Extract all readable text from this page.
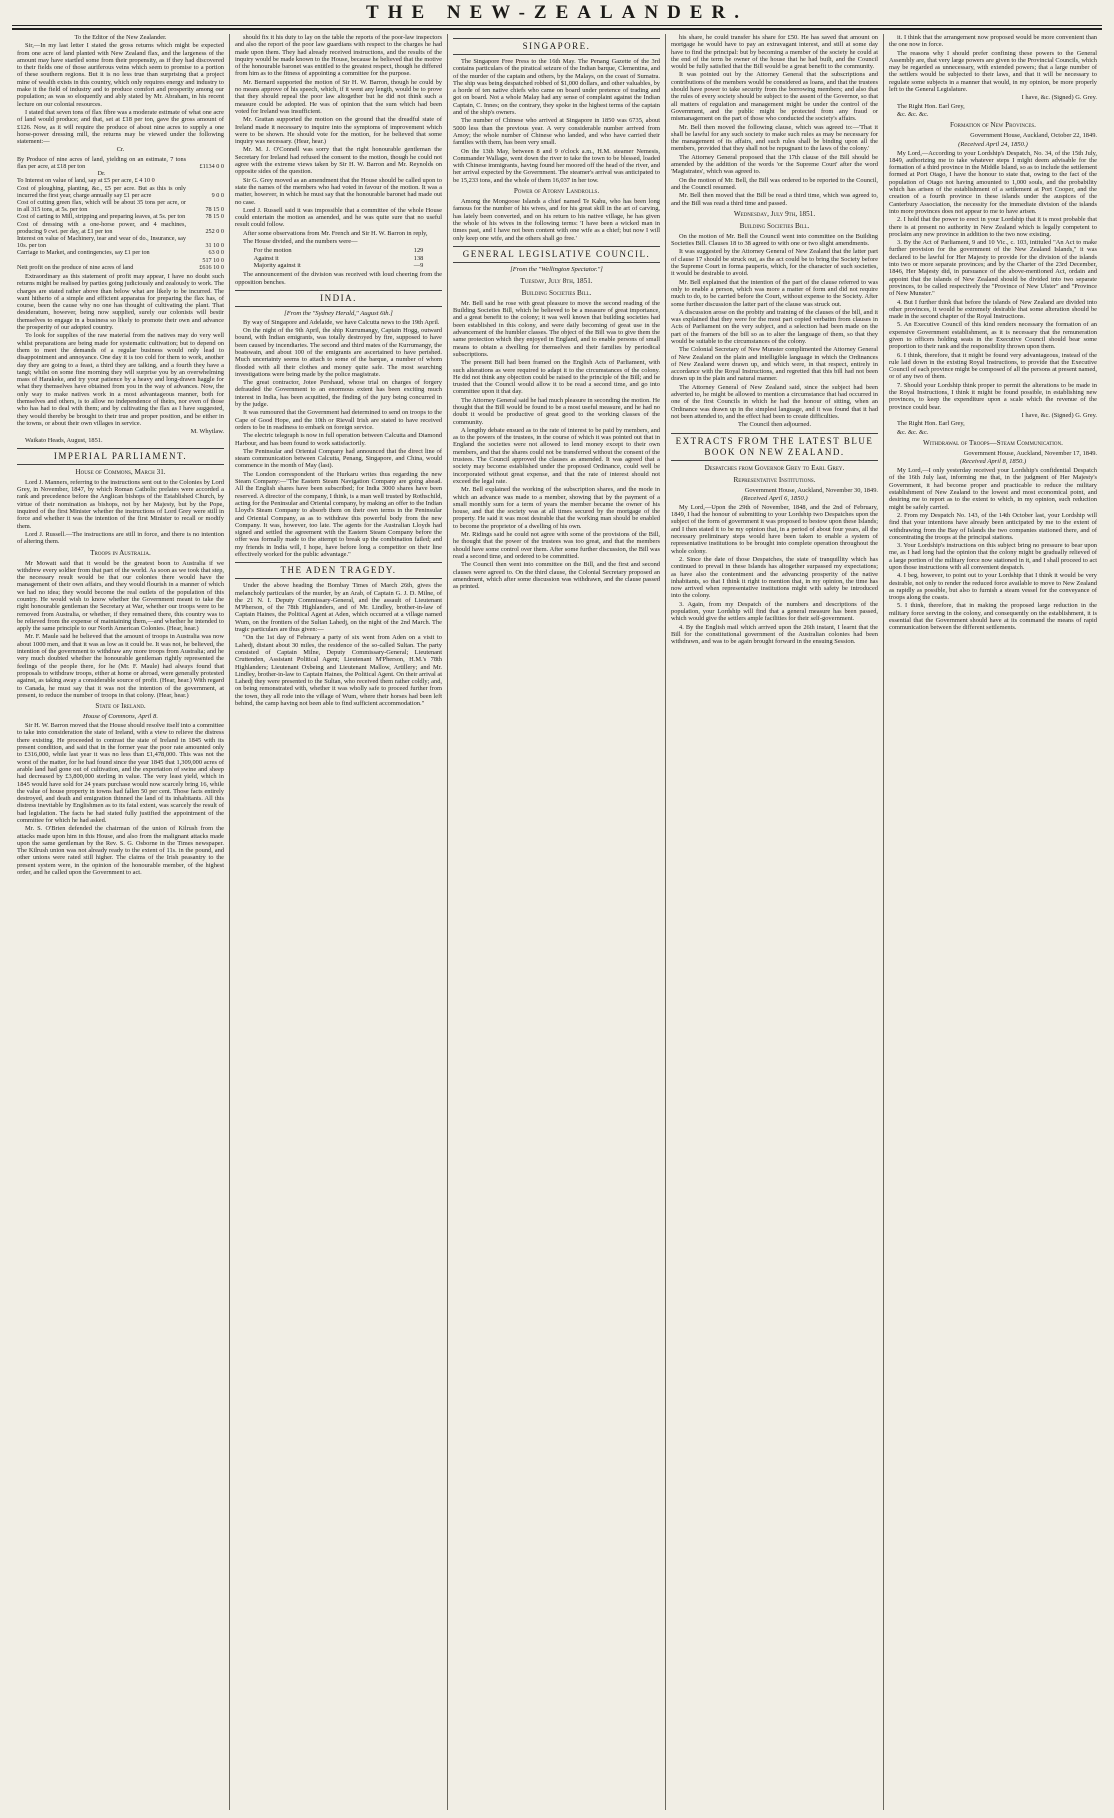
THE NEW-ZEALANDER.

To the Editor of the New Zealander.

Sir,—In my last letter I stated the gross returns which might be expected from one acre of land planted with New Zealand flax, and the largeness of the amount may have startled some from their propensity, as if they had discovered to their fields one of those auriferous veins which seem to promise to a portion of these southern regions. But it is no less true than surprising that a project mine of wealth exists in this country, which only requires energy and industry to make it the field of industry and to produce comfort and prosperity among our population; as was so eloquently and ably stated by Mr. Abraham, in his recent lecture on our colonial resources.

I stated that seven tons of flax fibre was a moderate estimate of what one acre of land would produce; and that, set at £18 per ton, gave the gross amount of £126. Now, as it will require the produce of about nine acres to supply a one horse-power dressing mill, the returns may be viewed under the following statement:—

Cr.

By Produce of nine acres of land, yielding on an estimate, 7 tons flax per acre, at £18 per ton	£1134 0 0
Dr.	
To Interest on value of land, say at £5 per acre, £ 4 10 0	
Cost of ploughing, planting, &c., £5 per acre. But as this is only incurred the first year, charge annually say £1 per acre	9 0 0
Cost of cutting green flax, which will be about 35 tons per acre, or in all 315 tons, at 5s. per ton	78 15 0
Cost of carting to Mill, stripping and preparing leaves, at 5s. per ton	78 15 0
Cost of dressing with a one-horse power, and 4 machines, producing 9 cwt. per day, at £1 per ton	252 0 0
Interest on value of Machinery, tear and wear of do., Insurance, say 10s. per ton	31 10 0
Carriage to Market, and contingencies, say £1 per ton	63 0 0
	517 10 0
Nett profit on the produce of nine acres of land	£616 10 0

Extraordinary as this statement of profit may appear, I have no doubt such returns might be realised by parties going judiciously and zealously to work. The charges are stated rather above than below what are likely to be incurred. The want hitherto of a simple and efficient apparatus for preparing the flax has, of course, been the cause why no one has thought of cultivating the plant. That desideratum, however, being now supplied, surely our colonists will bestir themselves to engage in a business so likely to promote their own and advance the prosperity of our adopted country.

To look for supplies of the raw material from the natives may do very well whilst preparations are being made for systematic cultivation; but to depend on them to meet the demands of a regular business would only lead to disappointment and annoyance. One day it is too cold for them to work, another day they are going to a feast, a third they are talking, and a fourth they have a tangi; whilst on some fine morning they will surprise you by an overwhelming mass of Harakeke, and try your patience by a heavy and long-drawn haggle for what they themselves have obtained from you in the way of advances. Now, the only way to make natives work in a most advantageous manner, both for themselves and others, is to allow no independence of theirs, nor even of those who has had to deal with them; and by cultivating the flax as I have suggested, they would thereby be brought to their true and proper position, and be either in the towns, or about their own villages in service.

M. Whytlaw.

Waikato Heads, August, 1851.

IMPERIAL PARLIAMENT.
House of Commons, March 31.

Lord J. Manners, referring to the instructions sent out to the Colonies by Lord Grey, in November, 1847, by which Roman Catholic prelates were accorded a rank and precedence before the Anglican bishops of the Established Church, by virtue of their nomination as bishops, not by her Majesty, but by the Pope, inquired of the first Minister whether the instructions of Lord Grey were still in force and whether it was the intention of the first Minister to recall or modify them.

Lord J. Russell.—The instructions are still in force, and there is no intention of altering them.

Troops in Australia.

Mr Mowatt said that it would be the greatest boon to Australia if we withdrew every soldier from that part of the world. As soon as we took that step, the necessary result would be that our colonies there would have the management of their own affairs, and they would flourish in a manner of which we had no idea; they would become the real outlets of the population of this country. He would wish to know whether the Government meant to take the right honourable gentleman the Secretary at War, whether our troops were to be removed from Australia, or whether, if they remained there, this country was to be relieved from the expense of maintaining them,—and whether he intended to apply the same principle to our North American Colonies. (Hear, hear.)

Mr. F. Maule said he believed that the amount of troops in Australia was now about 1000 men, and that it was as low as it could be. It was not, he believed, the intention of the government to withdraw any more troops from Australia; and he very much doubted whether the honourable gentleman rightly represented the feelings of the people there, for he (Mr. F. Maule) had always found that proposals to withdraw troops, either at home or abroad, were generally protested against, as taking away a considerable source of profit. (Hear, hear.) With regard to Canada, he must say that it was not the intention of the government, at present, to reduce the number of troops in that colony. (Hear, hear.)

State of Ireland.
House of Commons, April 8.

Sir H. W. Barron moved that the House should resolve itself into a committee to take into consideration the state of Ireland, with a view to relieve the distress there existing. He proceeded to contrast the state of Ireland in 1845 with its present condition, and said that in the former year the poor rate amounted only to £316,000, while last year it was no less than £1,478,000. This was not the worst of the matter, for he had found since the year 1845 that 1,309,000 acres of arable land had gone out of cultivation, and the exportation of swine and sheep had decreased by £3,800,000 sterling in value. The very least yield, which in 1845 would have sold for 24 years purchase would now scarcely bring 16, while the value of house property in towns had fallen 50 per cent. Those facts entirely destroyed, and death and emigration thinned the land of its inhabitants. All this distress inevitable by Englishmen as to its fatal extent, was scarcely the result of bad legislation. The facts he had stated fully justified the appointment of the committee for which he had asked.

Mr. S. O'Brien defended the chairman of the union of Kilrush from the attacks made upon him in this House, and also from the malignant attacks made upon the same gentleman by the Rev. S. G. Osborne in the Times newspaper. The Kilrush union was not already ready to the extent of 11s. in the pound, and other unions were rated still higher. The claims of the Irish peasantry to the present system were, in the opinion of the honourable member, of the highest order, and he called upon the Government to act.

should fix it his duty to lay on the table the reports of the poor-law inspectors and also the report of the poor law guardians with respect to the charges he had made upon them. They had already received instructions, and the results of the inquiry would be made known to the House, because he believed that the motive of the honourable baronet was entitled to the greatest respect, though he differed from him as to the fitness of appointing a committee for the purpose.

Mr. Bernard supported the motion of Sir H. W. Barron, though he could by no means approve of his speech, which, if it went any length, would be to prove that they should repeal the poor law altogether but he did not think such a measure could be adopted. He was of opinion that the sum which had been voted for Ireland was insufficient.

Mr. Grattan supported the motion on the ground that the dreadful state of Ireland made it necessary to inquire into the symptoms of improvement which were to be shown. He should vote for the motion, for he believed that some inquiry was necessary. (Hear, hear.)

Mr. M. J. O'Connell was sorry that the right honourable gentleman the Secretary for Ireland had refused the consent to the motion, though he could not agree with the extreme views taken by Sir H. W. Barron and Mr. Reynolds on opposite sides of the question.

Sir G. Grey moved as an amendment that the House should be called upon to state the names of the members who had voted in favour of the motion. It was a matter, however, in which he must say that the honourable baronet had made out no case.

Lord J. Russell said it was impossible that a committee of the whole House could entertain the motion as amended, and he was quite sure that no useful result could follow.

After some observations from Mr. French and Sir H. W. Barron in reply,

The House divided, and the numbers were—

For the motion	129
Against it	138
Majority against it	—9

The announcement of the division was received with loud cheering from the opposition benches.

INDIA.
[From the "Sydney Herald," August 6th.]

By way of Singapore and Adelaide, we have Calcutta news to the 19th April.

On the night of the 9th April, the ship Kurrumangy, Captain Hogg, outward bound, with Indian emigrants, was totally destroyed by fire, supposed to have been caused by incendiaries. The second and third mates of the Kurrumangy, the boatswain, and about 100 of the emigrants are ascertained to have perished. Much uncertainty seems to attach to some of the barque, a number of whom flooded with all their clothes and money quite safe. The most searching investigations were being made by the police magistrate.

The great contractor, Jotee Pershaud, whose trial on charges of forgery defrauded the Government to an enormous extent has been exciting much interest in India, has been acquitted, the finding of the jury being concurred in by the judge.

It was rumoured that the Government had determined to send on troops to the Cape of Good Hope, and the 10th or Rievall Irish are stated to have received orders to be in readiness to embark on foreign service.

The electric telegraph is now in full operation between Calcutta and Diamond Harbour, and has been found to work satisfactorily.

The Peninsular and Oriental Company had announced that the direct line of steam communication between Calcutta, Penang, Singapore, and China, would commence in the month of May (last).

The London correspondent of the Hurkaru writes thus regarding the new Steam Company:—"The Eastern Steam Navigation Company are going ahead. All the English shares have been subscribed; for India 3000 shares have been reserved. A director of the company, I think, is a man well trusted by Rothschild, acting for the Peninsular and Oriental company, by making an offer to the Indian Lloyd's Steam Company to absorb them on their own terms in the Peninsular and Oriental Company, as as to withdraw this powerful body from the new Company. It was, however, too late. The agents for the Australian Lloyds had signed and settled the agreement with the Eastern Steam Company before the offer was formally made to the attempt to break up the combination failed; and my friends in India will, I hope, have before long a competitor on their line effectively worked for the public advantage."

THE ADEN TRAGEDY.

Under the above heading the Bombay Times of March 26th, gives the melancholy particulars of the murder, by an Arab, of Captain G. J. D. Milne, of the 21 N. I. Deputy Commissary-General, and the assault of Lieutenant M'Pherson, of the 78th Highlanders, and of Mr. Lindley, brother-in-law of Captain Haines, the Political Agent at Aden, which occurred at a village named Wum, on the frontiers of the Sultan Lahedj, on the night of the 2nd March. The tragic particulars are thus given:—

"On the 1st day of February a party of six went from Aden on a visit to Lahedj, distant about 30 miles, the residence of the so-called Sultan. The party consisted of Captain Milne, Deputy Commissary-General; Lieutenant Cruttenden, Assistant Political Agent; Lieutenant M'Pherson, H.M.'s 78th Highlanders; Lieutenant Oxbeing and Lieutenant Mallow, Artillery; and Mr. Lindley, brother-in-law to Captain Haines, the Political Agent. On their arrival at Lahedj they were presented to the Sultan, who received them rather coldly; and, on being remonstrated with, whether it was wholly safe to proceed further from the town, they all rode into the village of Wum, where their horses had been left behind, the camp having not been able to find sufficient accommodation."

SINGAPORE.

The Singapore Free Press to the 16th May. The Penang Gazette of the 3rd contains particulars of the piratical seizure of the Indian barque, Clementina, and of the murder of the captain and others, by the Malays, on the coast of Sumatra. The ship was being despatched robbed of $1,000 dollars, and other valuables, by a horde of ten native chiefs who came on board under pretence of trading and got on board. Not a whole Malay had any sense of complaint against the Indian Captain, C. Innes; on the contrary, they spoke in the highest terms of the captain and of the ship's owners.

The number of Chinese who arrived at Singapore in 1850 was 6735, about 5000 less than the previous year. A very considerable number arrived from Amoy; the whole number of Chinese who landed, and who have carried their families with them, has been very small.

On the 13th May, between 8 and 9 o'clock a.m., H.M. steamer Nemesis, Commander Wallage, went down the river to take the town to be blessed, loaded with Chinese immigrants, having found her moored off the head of the river, and her arrival expected by the Government. The steamer's arrival was anticipated to be 15,233 tons, and the whole of them 16,037 in her tow.

Power of Atorny Landrolls.

Among the Mongoose Islands a chief named Te Kahu, who has been long famous for the number of his wives, and for his great skill in the art of carving, has lately been converted, and on his return to his native village, he has given the whole of his wives in the following terms: 'I have been a wicked man in times past, and I have not been content with one wife as a chief; but now I will only keep one wife, and the others shall go free.'

GENERAL LEGISLATIVE COUNCIL.
[From the "Wellington Spectator."]
Tuesday, July 8th, 1851.
Building Societies Bill.

Mr. Bell said he rose with great pleasure to move the second reading of the Building Societies Bill, which he believed to be a measure of great importance, and a great benefit to the colony; it was well known that building societies had been established in this colony, and were daily becoming of great use in the advancement of the humbler classes. The object of the Bill was to give them the same protection which they enjoyed in England, and to enable persons of small means to obtain a dwelling for themselves and their families by periodical subscriptions.

The present Bill had been framed on the English Acts of Parliament, with such alterations as were required to adapt it to the circumstances of the colony. He did not think any objection could be raised to the principle of the Bill; and he trusted that the Council would allow it to be read a second time, and go into committee upon it that day.

The Attorney General said he had much pleasure in seconding the motion. He thought that the Bill would be found to be a most useful measure, and he had no doubt it would be productive of great good to the working classes of the community.

A lengthy debate ensued as to the rate of interest to be paid by members, and as to the powers of the trustees, in the course of which it was pointed out that in England the societies were not allowed to lend money except to their own members, and that the shares could not be transferred without the consent of the trustees. The Council approved the clauses as amended. It was agreed that a society may become established under the proposed Ordinance, could well be incorporated without great expense, and that the rate of interest should not exceed the legal rate.

Mr. Bell explained the working of the subscription shares, and the mode in which an advance was made to a member, showing that by the payment of a small monthly sum for a term of years the member became the owner of his house, and that the society was at all times secured by the mortgage of the property. He said it was most desirable that the working man should be enabled to become the proprietor of a dwelling of his own.

Mr. Ridings said he could not agree with some of the provisions of the Bill, he thought that the power of the trustees was too great, and that the members should have some control over them. After some further discussion, the Bill was read a second time, and ordered to be committed.

The Council then went into committee on the Bill, and the first and second clauses were agreed to. On the third clause, the Colonial Secretary proposed an amendment, which after some discussion was withdrawn, and the clause passed as printed.

his share, he could transfer his share for £50. He has saved that amount on mortgage he would have to pay an extravagant interest, and still at some day have to find the principal: but by becoming a member of the society he could at the end of the term be owner of the house that he had built, and the Council would be fully satisfied that the Bill would be a great benefit to the community.

It was pointed out by the Attorney General that the subscriptions and contributions of the members would be considered as loans, and that the trustees should have power to take security from the borrowing members; and also that the rules of every society should be subject to the assent of the Governor, so that all matters of regulation and management might be under the control of the Government, and the public might be protected from any fraud or mismanagement on the part of those who conducted the society's affairs.

Mr. Bell then moved the following clause, which was agreed to:—'That it shall be lawful for any such society to make such rules as may be necessary for the management of its affairs, and such rules shall be binding upon all the members, provided that they shall not be repugnant to the laws of the colony.'

The Attorney General proposed that the 17th clause of the Bill should be amended by the addition of the words 'or the Supreme Court' after the word 'Magistrates', which was agreed to.

On the motion of Mr. Bell, the Bill was ordered to be reported to the Council, and the Council resumed.

Mr. Bell then moved that the Bill be read a third time, which was agreed to, and the Bill was read a third time and passed.

Wednesday, July 9th, 1851.
Building Societies Bill.

On the motion of Mr. Bell the Council went into committee on the Building Societies Bill. Clauses 18 to 38 agreed to with one or two slight amendments.

It was suggested by the Attorney General of New Zealand that the latter part of clause 17 should be struck out, as the act could be to bring the Society before the Supreme Court in forma pauperis, which, for the character of such societies, it would be desirable to avoid.

Mr. Bell explained that the intention of the part of the clause referred to was only to enable a person, which was more a matter of form and did not require much to do, to be carried before the Court, without expense to the Society. After some further discussion the latter part of the clause was struck out.

A discussion arose on the probity and training of the clauses of the bill, and it was explained that they were for the most part copied verbatim from clauses in Acts of Parliament on the very subject, and a selection had been made on the part of the framers of the bill so as to alter the language of them, so that they would be suitable to the circumstances of the colony.

The Colonial Secretary of New Munster complimented the Attorney General of New Zealand on the plain and intelligible language in which the Ordinances of New Zealand were drawn up, and which were, in that respect, entirely in accordance with the Royal Instructions, and regretted that this bill had not been drawn up in the plain and natural manner.

The Attorney General of New Zealand said, since the subject had been adverted to, he might be allowed to mention a circumstance that had occurred in one of the first Councils in which he had the honour of sitting, when an Ordinance was drawn up in the simplest language, and it was found that it had not been attended to, and the effect had been to create difficulties.

The Council then adjourned.

EXTRACTS FROM THE LATEST BLUE BOOK ON NEW ZEALAND.
Despatches from Governor Grey to Earl Grey.
Representative Institutions.

Government House, Auckland, November 30, 1849.

(Received April 6, 1850.)

My Lord,—Upon the 29th of November, 1848, and the 2nd of February, 1849, I had the honour of submitting to your Lordship two Despatches upon the subject of the form of government it was proposed to bestow upon these Islands; and I then stated it to be my opinion that, in a period of about four years, all the necessary preliminary steps would have been taken to enable a system of representative institutions to be brought into complete operation throughout the whole colony.

2. Since the date of those Despatches, the state of tranquillity which has continued to prevail in these Islands has altogether surpassed my expectations; as have also the contentment and the advancing prosperity of the native inhabitants, so that I think it right to mention that, in my opinion, the time has now arrived when representative institutions might with safety be introduced into the colony.

3. Again, from my Despatch of the numbers and descriptions of the population, your Lordship will find that a general measure has been passed, which would give the settlers ample facilities for their self-government.

4. By the English mail which arrived upon the 26th instant, I learnt that the Bill for the constitutional government of the Australian colonies had been withdrawn, and was to be again brought forward in the ensuing Session.

it. I think that the arrangement now proposed would be more convenient than the one now in force.

The reasons why I should prefer confining these powers to the General Assembly are, that very large powers are given to the Provincial Councils, which may be regarded as unnecessary, with extended powers; that a large number of the settlers would be subjected to their laws, and that it will be necessary to regulate some subjects in a manner that would, in my opinion, be more properly left to the General Legislature.

I have, &c. (Signed) G. Grey.

The Right Hon. Earl Grey,

&c. &c. &c.

Formation of New Provinces.

Government House, Auckland, October 22, 1849.

(Received April 24, 1850.)

My Lord,—According to your Lordship's Despatch, No. 34, of the 15th July, 1849, authorizing me to take whatever steps I might deem advisable for the formation of a third province in the Middle Island, so as to include the settlement formed at Port Otago, I have the honour to state that, owing to the fact of the population of Otago not having amounted to 1,000 souls, and the probability which has arisen of the establishment of a settlement at Port Cooper, and the creation of a fourth province in these islands under the auspices of the Canterbury Association, the necessity for the immediate division of the islands into more provinces does not appear to me to have arisen.

2. I hold that the power to erect in your Lordship that it is most probable that there is at present no authority in New Zealand which is legally competent to proclaim any new province in addition to the two now existing.

3. By the Act of Parliament, 9 and 10 Vic., c. 103, intituled "An Act to make further provision for the government of the New Zealand Islands," it was declared to be lawful for Her Majesty to provide for the division of the islands into two or more separate provinces; and by the Charter of the 23rd December, 1846, Her Majesty did, in pursuance of the above-mentioned Act, ordain and appoint that the islands of New Zealand should be divided into two separate provinces, to be called respectively the "Province of New Ulster" and "Province of New Munster."

4. But I further think that before the islands of New Zealand are divided into other provinces, it would be extremely desirable that some alteration should be made in the second chapter of the Royal Instructions.

5. An Executive Council of this kind renders necessary the formation of an expensive Government establishment, as it is necessary that the remuneration given to officers holding seats in the Executive Council should bear some proportion to their rank and the responsibility thrown upon them.

6. I think, therefore, that it might be found very advantageous, instead of the rule laid down in the existing Royal Instructions, to provide that the Executive Council of each province might be composed of all the persons at present named, or of any two of them.

7. Should your Lordship think proper to permit the alterations to be made in the Royal Instructions, I think it might be found possible, in establishing new provinces, to keep the expenditure upon a scale which the revenue of the province could bear.

I have, &c. (Signed) G. Grey.

The Right Hon. Earl Grey,

&c. &c. &c.

Withdrawal of Troops—Steam Communication.

Government House, Auckland, November 17, 1849.

(Received April 8, 1850.)

My Lord,—I only yesterday received your Lordship's confidential Despatch of the 16th July last, informing me that, in the judgment of Her Majesty's Government, it had become proper and practicable to reduce the military establishment of New Zealand to the lowest and most economical point, and desiring me to report as to the extent to which, in my opinion, such reduction might be safely carried.

2. From my Despatch No. 143, of the 14th October last, your Lordship will find that your intentions have already been anticipated by me to the extent of withdrawing from the Bay of Islands the two companies stationed there, and of concentrating the troops at the principal stations.

3. Your Lordship's instructions on this subject bring no pressure to bear upon me, as I had long had the opinion that the colony might be gradually relieved of a large portion of the military force now stationed in it, and I shall proceed to act upon those instructions with all convenient despatch.

4. I beg, however, to point out to your Lordship that I think it would be very desirable, not only to render the reduced force available to move to New Zealand as rapidly as possible, but also to furnish a steam vessel for the conveyance of troops along the coasts.

5. I think, therefore, that in making the proposed large reduction in the military force serving in the colony, and consequently on the establishment, it is essential that the Government should have at its command the means of rapid communication between the different settlements.
